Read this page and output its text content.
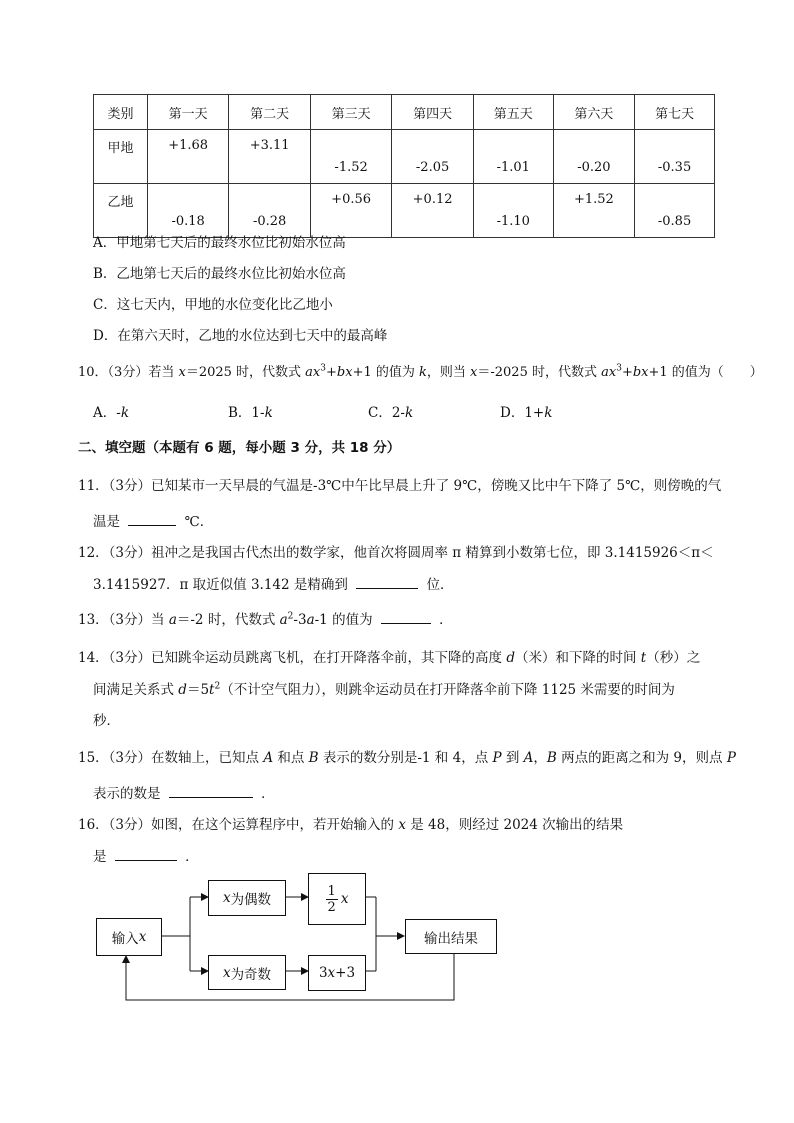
类别	第一天	第二天	第三天	第四天	第五天	第六天	第七天
甲地	+1.68	+3.11	-1.52	-2.05	-1.01	-0.20	-0.35
乙地	-0.18	-0.28	+0.56	+0.12	-1.10	+1.52	-0.85
A．甲地第七天后的最终水位比初始水位高
B．乙地第七天后的最终水位比初始水位高
C．这七天内，甲地的水位变化比乙地小
D．在第六天时，乙地的水位达到七天中的最高峰
10．（3分）若当 x＝2025 时，代数式 $ax^3+bx+1$ 的值为 k，则当 x＝-2025 时，代数式 $ax^3+bx+1$ 的值为（　　）
A．-k	B．1-k	C．2-k	D．1+k
二、填空题（本题有 6 题，每小题 3 分，共 18 分）
11．（3分）已知某市一天早晨的气温是-3℃中午比早晨上升了 9℃，傍晚又比中午下降了 5℃，则傍晚的气
温是	℃．
12．（3分）祖冲之是我国古代杰出的数学家，他首次将圆周率 π 精算到小数第七位，即 3.1415926＜π＜
3.1415927．π 取近似值 3.142 是精确到	位．
13．（3分）当 a＝-2 时，代数式 $a^2-3a-1$ 的值为	．
14．（3分）已知跳伞运动员跳离飞机，在打开降落伞前，其下降的高度 d（米）和下降的时间 t（秒）之
间满足关系式 $d=5t^2$（不计空气阻力），则跳伞运动员在打开降落伞前下降 1125 米需要的时间为
秒．
15．（3分）在数轴上，已知点 A 和点 B 表示的数分别是-1 和 4，点 P 到 A，B 两点的距离之和为 9，则点 P
表示的数是	．
16．（3分）如图，在这个运算程序中，若开始输入的 x 是 48，则经过 2024 次输出的结果
是	．
输入 x
x 为偶数
x 为奇数
$\frac{1}{2}$ x
3 x +3
输出结果
